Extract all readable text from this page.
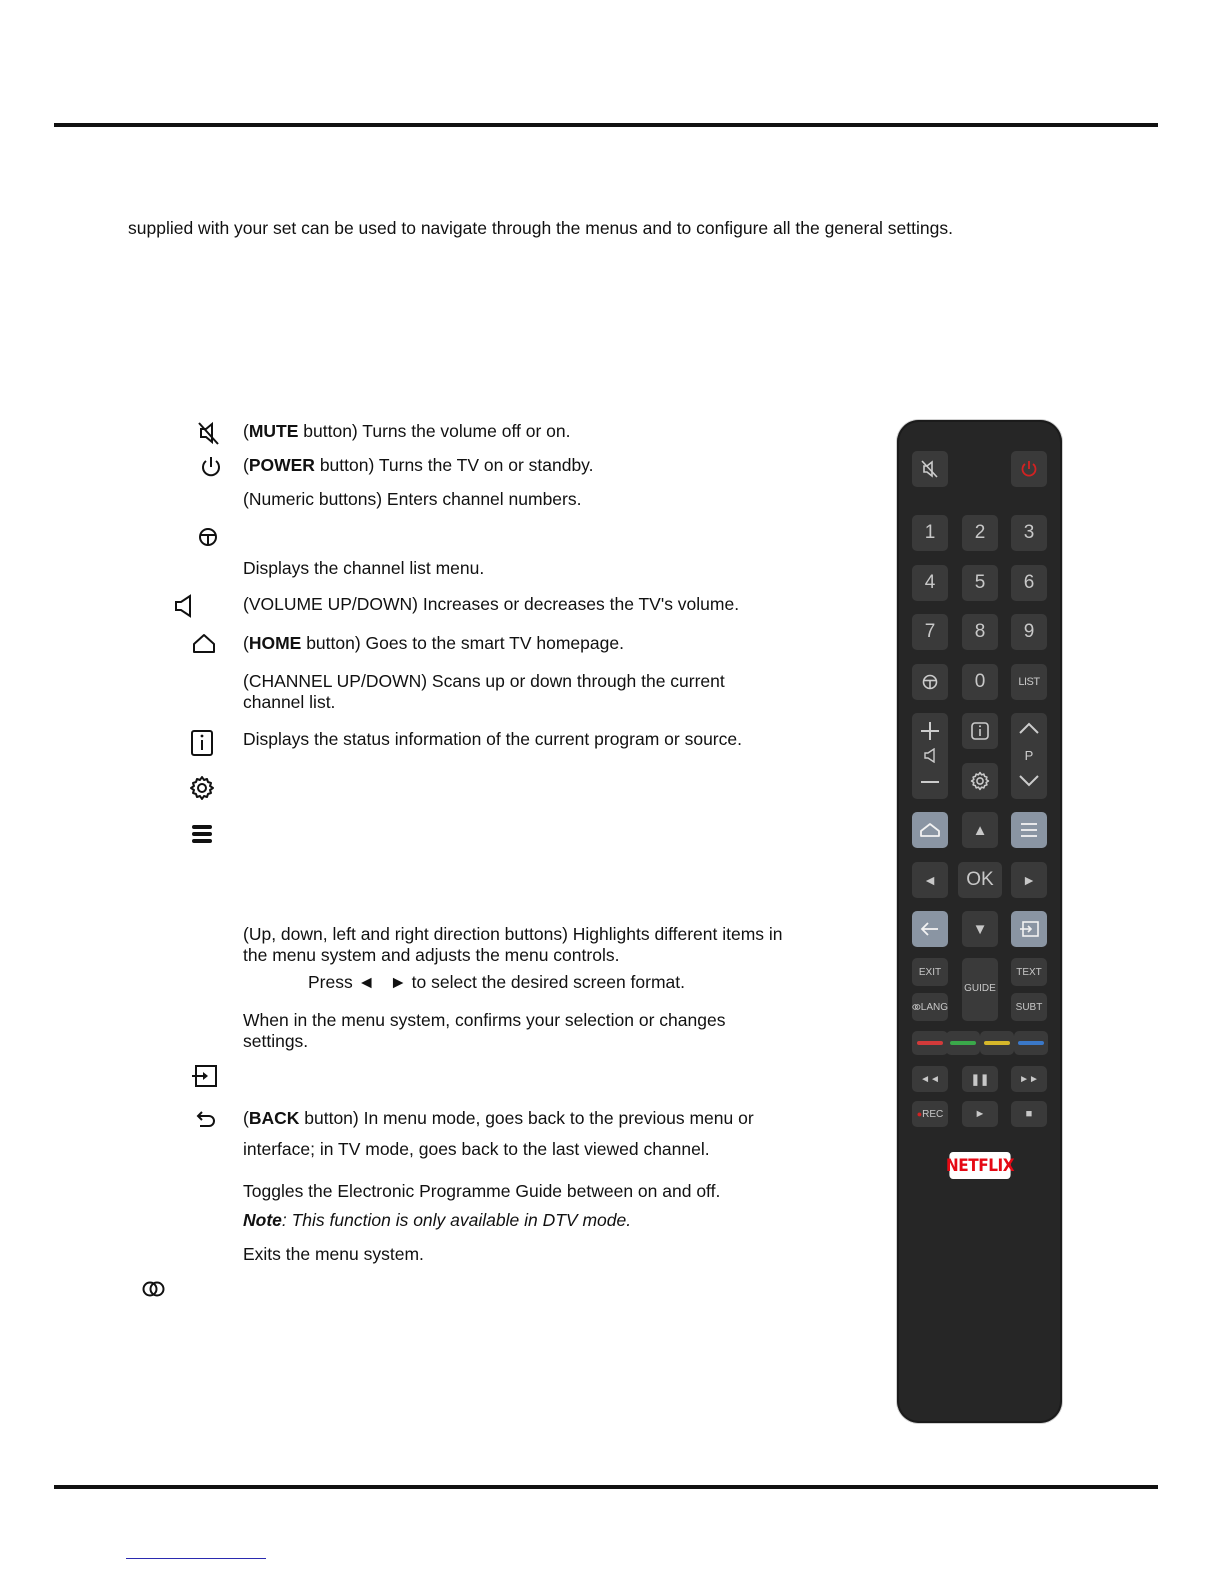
supplied with your set can be used to navigate through the menus and to configure all the general settings.
(MUTE button) Turns the volume off or on.
(POWER button) Turns the TV on or standby.
(Numeric buttons) Enters channel numbers.
Displays the channel list menu.
(VOLUME UP/DOWN) Increases or decreases the TV's volume.
(HOME button) Goes to the smart TV homepage.
(CHANNEL UP/DOWN) Scans up or down through the current channel list.
Displays the status information of the current program or source.
(Up, down, left and right direction buttons) Highlights different items in the menu system and adjusts the menu controls.
Press ◄   ► to select the desired screen format.
When in the menu system, confirms your selection or changes settings.
(BACK button) In menu mode, goes back to the previous menu or
interface; in TV mode, goes back to the last viewed channel.
Toggles the Electronic Programme Guide between on and off.
Note: This function is only available in DTV mode.
Exits the menu system.
1	2	3
4	5	6
7	8	9
0	LIST
P
▲
◄	OK	►
▼
EXIT
GUIDE
TEXT
LANG	SUBT
◄◄	❚❚	►►
● REC	►	■
NETFLIX
